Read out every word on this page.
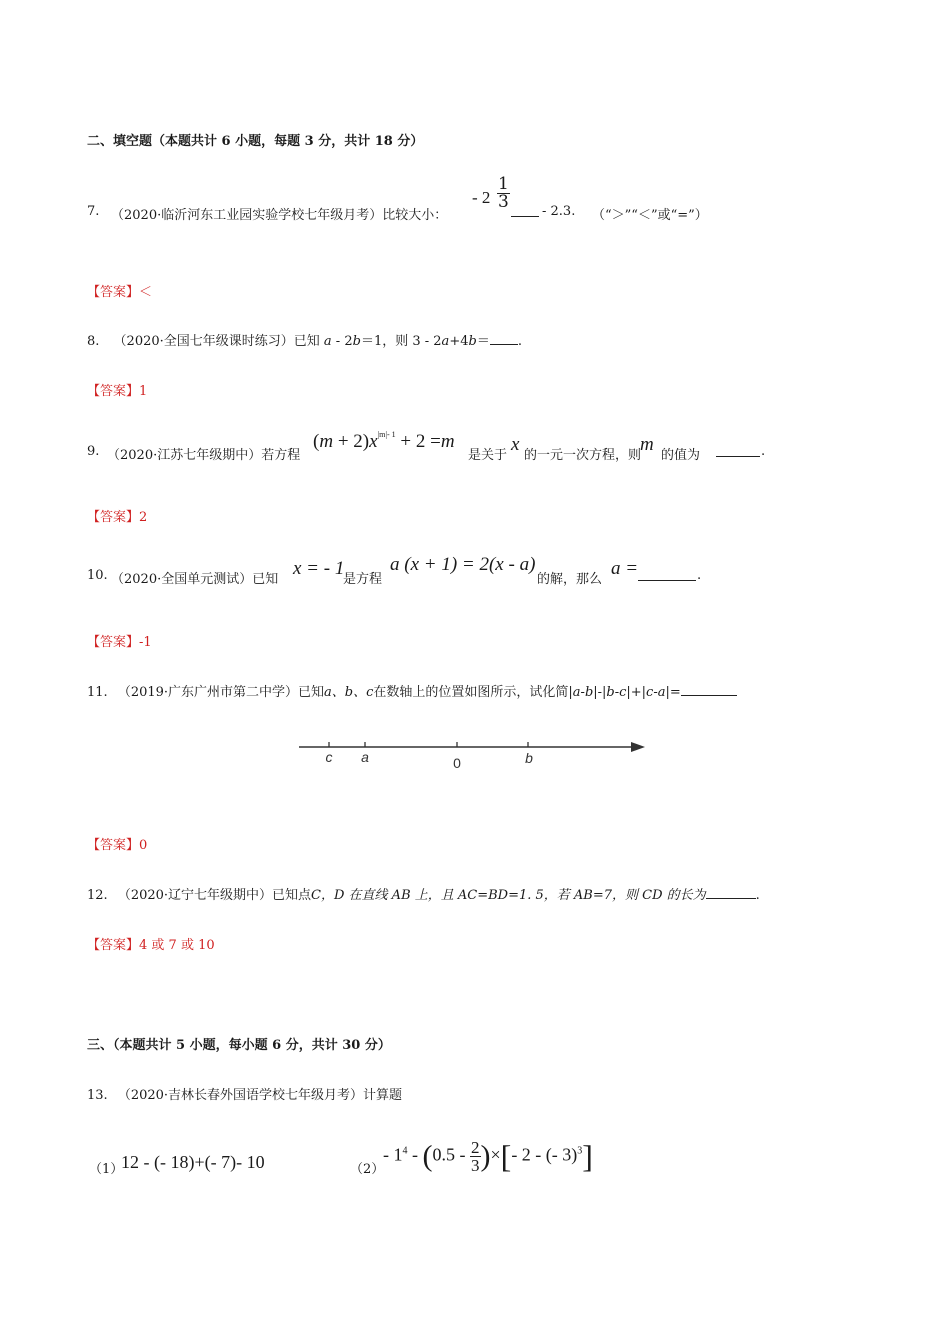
二、填空题（本题共计 6 小题，每题 3 分，共计 18 分）
7. （2020·临沂河东工业园实验学校七年级月考）比较大小：
- $2 \frac{1}{3}$
- 2.3. （“＞”“＜”或“=”）
【答案】＜
8. （2020·全国七年级课时练习）已知 a - 2b＝1，则 3 - 2a+4b＝ .
【答案】1
9. （2020·江苏七年级期中）若方程
$(m + 2)x^{|m|- 1} + 2 =m$
是关于
x
的一元一次方程，则
m
的值为	.
【答案】2
10. （2020·全国单元测试）已知
x = - 1
是方程
a (x + 1) = 2(x - a)
的解，那么
a =	.
【答案】-1
11. （2019·广东广州市第二中学）已知a、b、c在数轴上的位置如图所示，试化简|a-b|-|b-c|+|c-a|=
c a	0	b
【答案】0
12. （2020·辽宁七年级期中）已知点C，D 在直线 AB 上，且 AC=BD=1. 5，若 AB=7，则 CD 的长为	.
【答案】4 或 7 或 10
三、（本题共计 5 小题，每小题 6 分，共计 30 分）
13. （2020·吉林长春外国语学校七年级月考）计算题
（1）
12 - (- 18)+(- 7)- 10	（2）
- $1^4 - (0.5 - \frac{2}{3}$ )×[- 2 - (- 3)$^3$]
